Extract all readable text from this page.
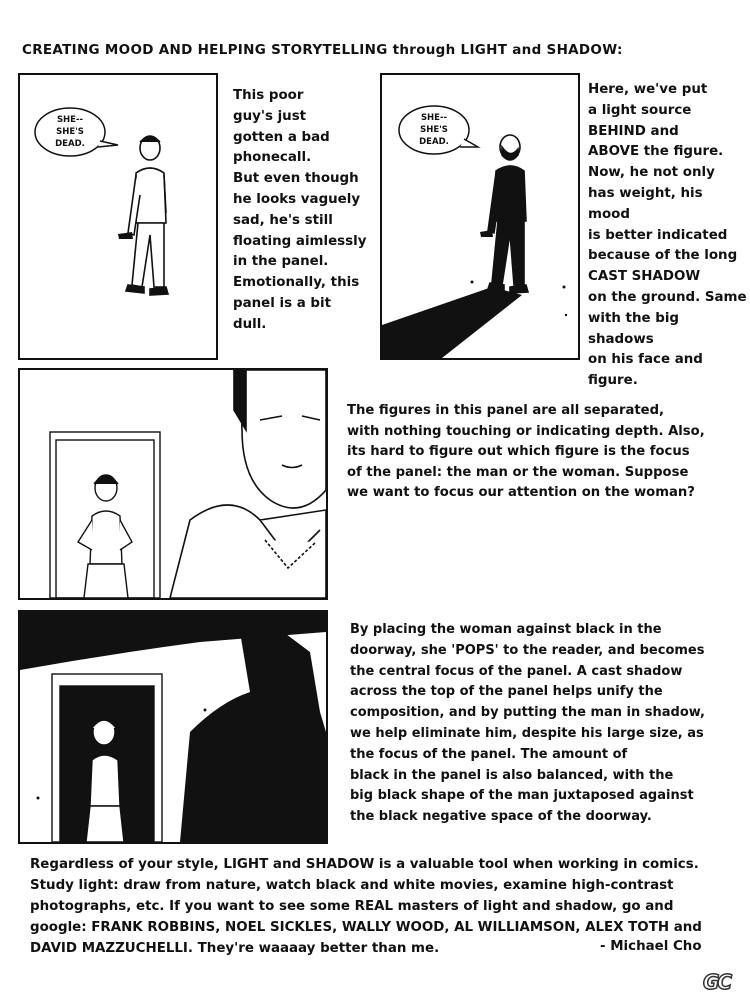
CREATING MOOD AND HELPING STORYTELLING through LIGHT and SHADOW:
SHE--
SHE'S
DEAD.
This poor
guy's just
gotten a bad
phonecall.
But even though
he looks vaguely
sad, he's still
floating aimlessly
in the panel.
Emotionally, this
panel is a bit
dull.
SHE--
SHE'S
DEAD.
Here, we've put
a light source
BEHIND and
ABOVE the figure.
Now, he not only
has weight, his mood
is better indicated
because of the long
CAST SHADOW
on the ground. Same
with the big shadows
on his face and
figure.
The figures in this panel are all separated,
with nothing touching or indicating depth. Also,
its hard to figure out which figure is the focus
of the panel: the man or the woman. Suppose
we want to focus our attention on the woman?
By placing the woman against black in the
doorway, she 'POPS' to the reader, and becomes
the central focus of the panel. A cast shadow
across the top of the panel helps unify the
composition, and by putting the man in shadow,
we help eliminate him, despite his large size, as
the focus of the panel. The amount of
black in the panel is also balanced, with the
big black shape of the man juxtaposed against
the black negative space of the doorway.
Regardless of your style, LIGHT and SHADOW is a valuable tool when working in comics.
Study light: draw from nature, watch black and white movies, examine high-contrast
photographs, etc. If you want to see some REAL masters of light and shadow, go and
google: FRANK ROBBINS, NOEL SICKLES, WALLY WOOD, AL WILLIAMSON, ALEX TOTH and
DAVID MAZZUCHELLI. They're waaaay better than me.	- Michael Cho
GC
